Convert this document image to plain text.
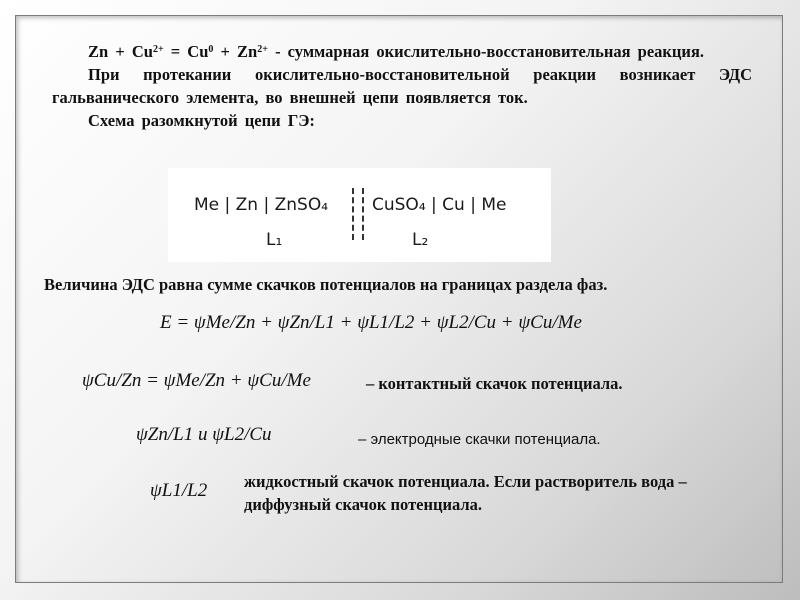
$Zn + Cu^{2+} = Cu^0 + Zn^{2+}$ - суммарная окислительно-восстановительная реакция.
При протекании окислительно-восстановительной реакции возникает ЭДС гальванического элемента, во внешней цепи появляется ток.
Схема разомкнутой цепи ГЭ:
Me | Zn | ZnSO₄	CuSO₄ | Cu | Me
L₁	L₂
Величина ЭДС равна сумме скачков потенциалов на границах раздела фаз.
E = ψMe/Zn + ψZn/L1 + ψL1/L2 + ψL2/Cu + ψCu/Me
ψCu/Zn = ψMe/Zn + ψCu/Me	– контактный скачок потенциала.
ψZn/L1 и ψL2/Cu	– электродные скачки потенциала.
ψL1/L2 жидкостный скачок потенциала. Если растворитель вода – диффузный скачок потенциала.
